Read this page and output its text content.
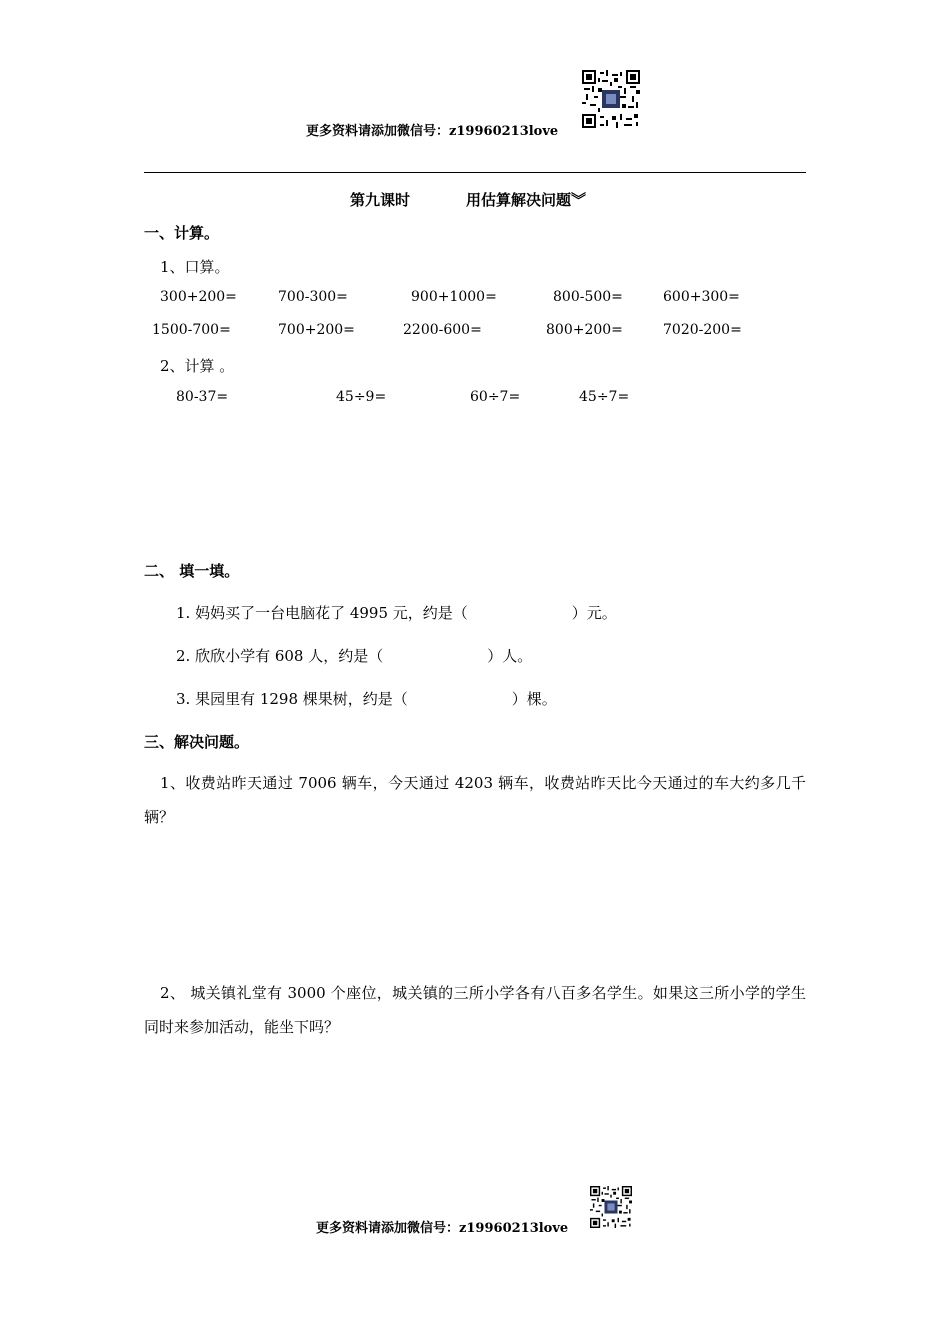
更多资料请添加微信号：z19960213love
第九课时	用估算解决问题︾
一、计算。
1、口算。
300+200=	700-300=	900+1000=	800-500=	600+300=
1500-700=	700+200=	2200-600=	800+200=	7020-200=
2、计算 。
80-37=	45÷9=	60÷7=	45÷7=
二、 填一填。
1. 妈妈买了一台电脑花了 4995 元，约是（	）元。
2. 欣欣小学有 608 人，约是（	）人。
3. 果园里有 1298 棵果树，约是（	）棵。
三、解决问题。
1、收费站昨天通过 7006 辆车，今天通过 4203 辆车，收费站昨天比今天通过的车大约多几千辆？
2、 城关镇礼堂有 3000 个座位，城关镇的三所小学各有八百多名学生。如果这三所小学的学生同时来参加活动，能坐下吗？
更多资料请添加微信号：z19960213love
